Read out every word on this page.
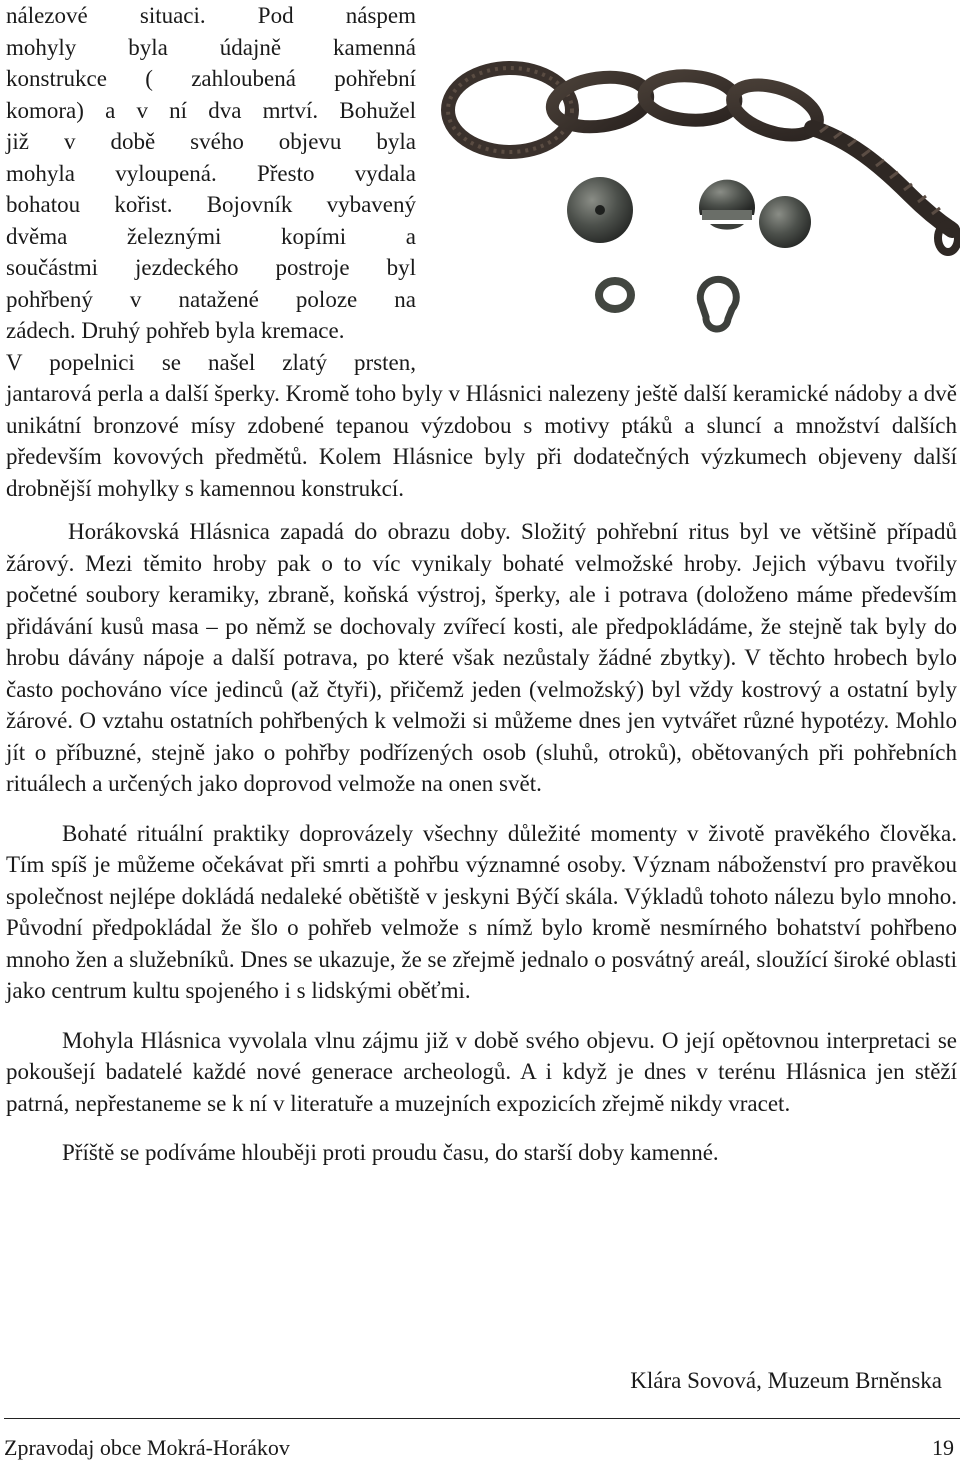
nálezové situaci. Pod náspem
mohyly byla údajně kamenná
konstrukce ( zahloubená pohřební
komora) a v ní dva mrtví. Bohužel
již v době svého objevu byla
mohyla vyloupená. Přesto vydala
bohatou kořist. Bojovník vybavený
dvěma železnými kopími a
součástmi jezdeckého postroje byl
pohřbený v natažené poloze na
zádech. Druhý pohřeb byla kremace.
V popelnici se našel zlatý prsten,

jantarová perla a další šperky. Kromě toho byly v Hlásnici nalezeny ještě další keramické nádoby a dvě unikátní bronzové mísy zdobené tepanou výzdobou s motivy ptáků a sluncí a množství dalších především kovových předmětů. Kolem Hlásnice byly při dodatečných výzkumech objeveny další drobnější mohylky s kamennou konstrukcí.

Horákovská Hlásnica zapadá do obrazu doby. Složitý pohřební ritus byl ve většině případů žárový. Mezi těmito hroby pak o to víc vynikaly bohaté velmožské hroby. Jejich výbavu tvořily početné soubory keramiky, zbraně, koňská výstroj, šperky, ale i potrava (doloženo máme především přidávání kusů masa – po němž se dochovaly zvířecí kosti, ale předpokládáme, že stejně tak byly do hrobu dávány nápoje a další potrava, po které však nezůstaly žádné zbytky). V těchto hrobech bylo často pochováno více jedinců (až čtyři), přičemž jeden (velmožský) byl vždy kostrový a ostatní byly žárové. O vztahu ostatních pohřbených k velmoži si můžeme dnes jen vytvářet různé hypotézy. Mohlo jít o příbuzné, stejně jako o pohřby podřízených osob (sluhů, otroků), obětovaných při pohřebních rituálech a určených jako doprovod velmože na onen svět.

Bohaté rituální praktiky doprovázely všechny důležité momenty v životě pravěkého člověka. Tím spíš je můžeme očekávat při smrti a pohřbu významné osoby. Význam náboženství pro pravěkou společnost nejlépe dokládá nedaleké obětiště v jeskyni Býčí skála. Výkladů tohoto nálezu bylo mnoho. Původní předpokládal že šlo o pohřeb velmože s nímž bylo kromě nesmírného bohatství pohřbeno mnoho žen a služebníků. Dnes se ukazuje, že se zřejmě jednalo o posvátný areál, sloužící široké oblasti jako centrum kultu spojeného i s lidskými oběťmi.

Mohyla Hlásnica vyvolala vlnu zájmu již v době svého objevu. O její opětovnou interpretaci se pokoušejí badatelé každé nové generace archeologů. A i když je dnes v terénu Hlásnica jen stěží patrná, nepřestaneme se k ní v literatuře a muzejních expozicích zřejmě nikdy vracet.

Příště se podíváme hlouběji proti proudu času, do starší doby kamenné.

Klára Sovová, Muzeum Brněnska
Zpravodaj obce Mokrá-Horákov	19
